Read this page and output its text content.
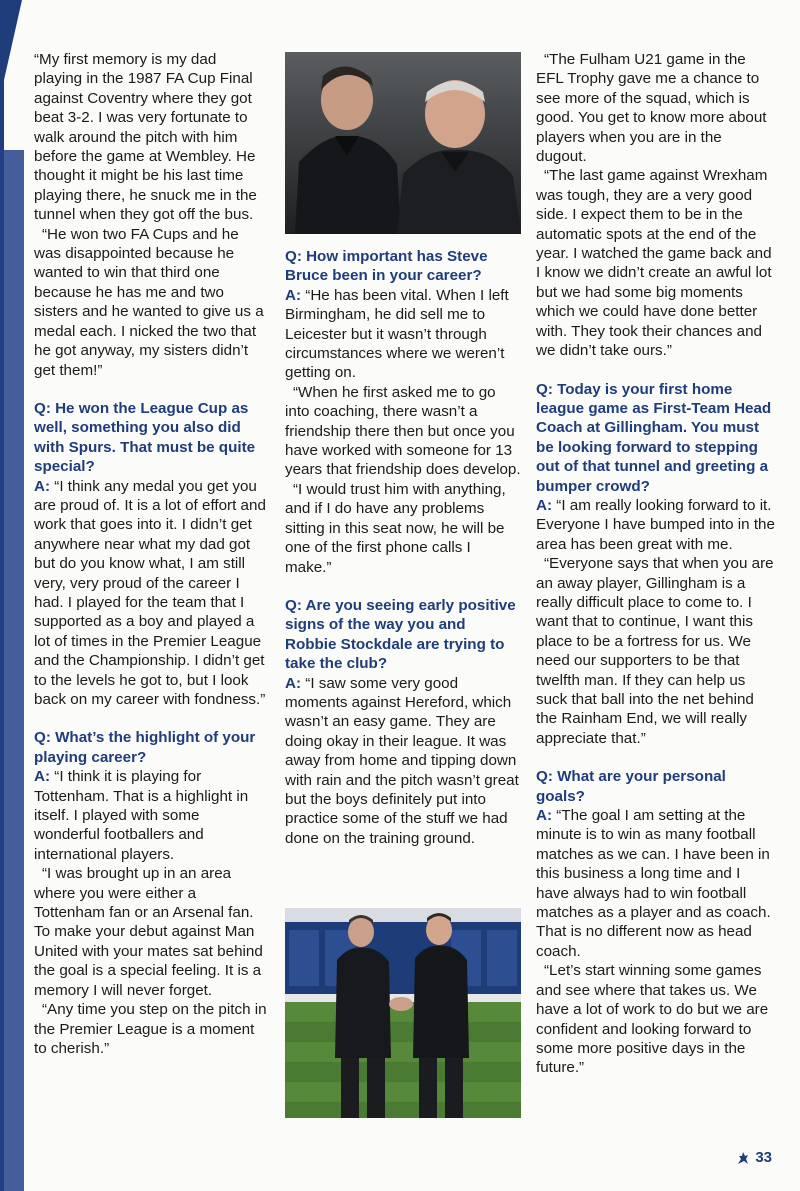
“My first memory is my dad playing in the 1987 FA Cup Final against Coventry where they got beat 3-2. I was very fortunate to walk around the pitch with him before the game at Wembley. He thought it might be his last time playing there, he snuck me in the tunnel when they got off the bus.

“He won two FA Cups and he was disappointed because he wanted to win that third one because he has me and two sisters and he wanted to give us a medal each. I nicked the two that he got anyway, my sisters didn’t get them!”

Q: He won the League Cup as well, something you also did with Spurs. That must be quite special?

A: “I think any medal you get you are proud of. It is a lot of effort and work that goes into it. I didn’t get anywhere near what my dad got but do you know what, I am still very, very proud of the career I had. I played for the team that I supported as a boy and played a lot of times in the Premier League and the Championship. I didn’t get to the levels he got to, but I look back on my career with fondness.”

Q: What’s the highlight of your playing career?

A: “I think it is playing for Tottenham. That is a highlight in itself. I played with some wonderful footballers and international players.

“I was brought up in an area where you were either a Tottenham fan or an Arsenal fan. To make your debut against Man United with your mates sat behind the goal is a special feeling. It is a memory I will never forget.

“Any time you step on the pitch in the Premier League is a moment to cherish.”

Q: How important has Steve Bruce been in your career?

A: “He has been vital. When I left Birmingham, he did sell me to Leicester but it wasn’t through circumstances where we weren’t getting on.

“When he first asked me to go into coaching, there wasn’t a friendship there then but once you have worked with someone for 13 years that friendship does develop.

“I would trust him with anything, and if I do have any problems sitting in this seat now, he will be one of the first phone calls I make.”

Q: Are you seeing early positive signs of the way you and Robbie Stockdale are trying to take the club?

A: “I saw some very good moments against Hereford, which wasn’t an easy game. They are doing okay in their league. It was away from home and tipping down with rain and the pitch wasn’t great but the boys definitely put into practice some of the stuff we had done on the training ground.

“The Fulham U21 game in the EFL Trophy gave me a chance to see more of the squad, which is good. You get to know more about players when you are in the dugout.

“The last game against Wrexham was tough, they are a very good side. I expect them to be in the automatic spots at the end of the year. I watched the game back and I know we didn’t create an awful lot but we had some big moments which we could have done better with. They took their chances and we didn’t take ours.”

Q: Today is your first home league game as First-Team Head Coach at Gillingham. You must be looking forward to stepping out of that tunnel and greeting a bumper crowd?

A: “I am really looking forward to it. Everyone I have bumped into in the area has been great with me.

“Everyone says that when you are an away player, Gillingham is a really difficult place to come to. I want that to continue, I want this place to be a fortress for us. We need our supporters to be that twelfth man. If they can help us suck that ball into the net behind the Rainham End, we will really appreciate that.”

Q: What are your personal goals?

A: “The goal I am setting at the minute is to win as many football matches as we can. I have been in this business a long time and I have always had to win football matches as a player and as coach. That is no different now as head coach.

“Let’s start winning some games and see where that takes us. We have a lot of work to do but we are confident and looking forward to some more positive days in the future.”

33
